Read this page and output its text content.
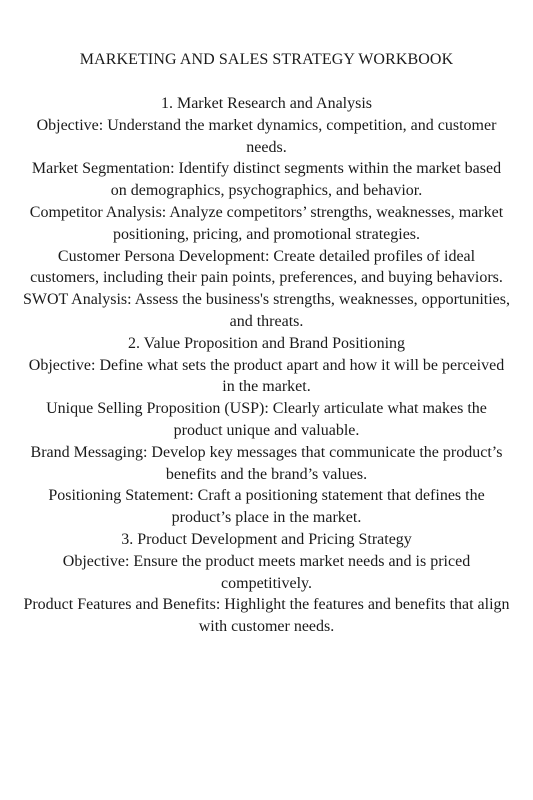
MARKETING AND SALES STRATEGY WORKBOOK

1. Market Research and Analysis

Objective: Understand the market dynamics, competition, and customer needs.

Market Segmentation: Identify distinct segments within the market based on demographics, psychographics, and behavior.

Competitor Analysis: Analyze competitors’ strengths, weaknesses, market positioning, pricing, and promotional strategies.

Customer Persona Development: Create detailed profiles of ideal customers, including their pain points, preferences, and buying behaviors.

SWOT Analysis: Assess the business's strengths, weaknesses, opportunities, and threats.

2. Value Proposition and Brand Positioning

Objective: Define what sets the product apart and how it will be perceived in the market.

Unique Selling Proposition (USP): Clearly articulate what makes the product unique and valuable.

Brand Messaging: Develop key messages that communicate the product’s benefits and the brand’s values.

Positioning Statement: Craft a positioning statement that defines the product’s place in the market.

3. Product Development and Pricing Strategy

Objective: Ensure the product meets market needs and is priced competitively.

Product Features and Benefits: Highlight the features and benefits that align with customer needs.
